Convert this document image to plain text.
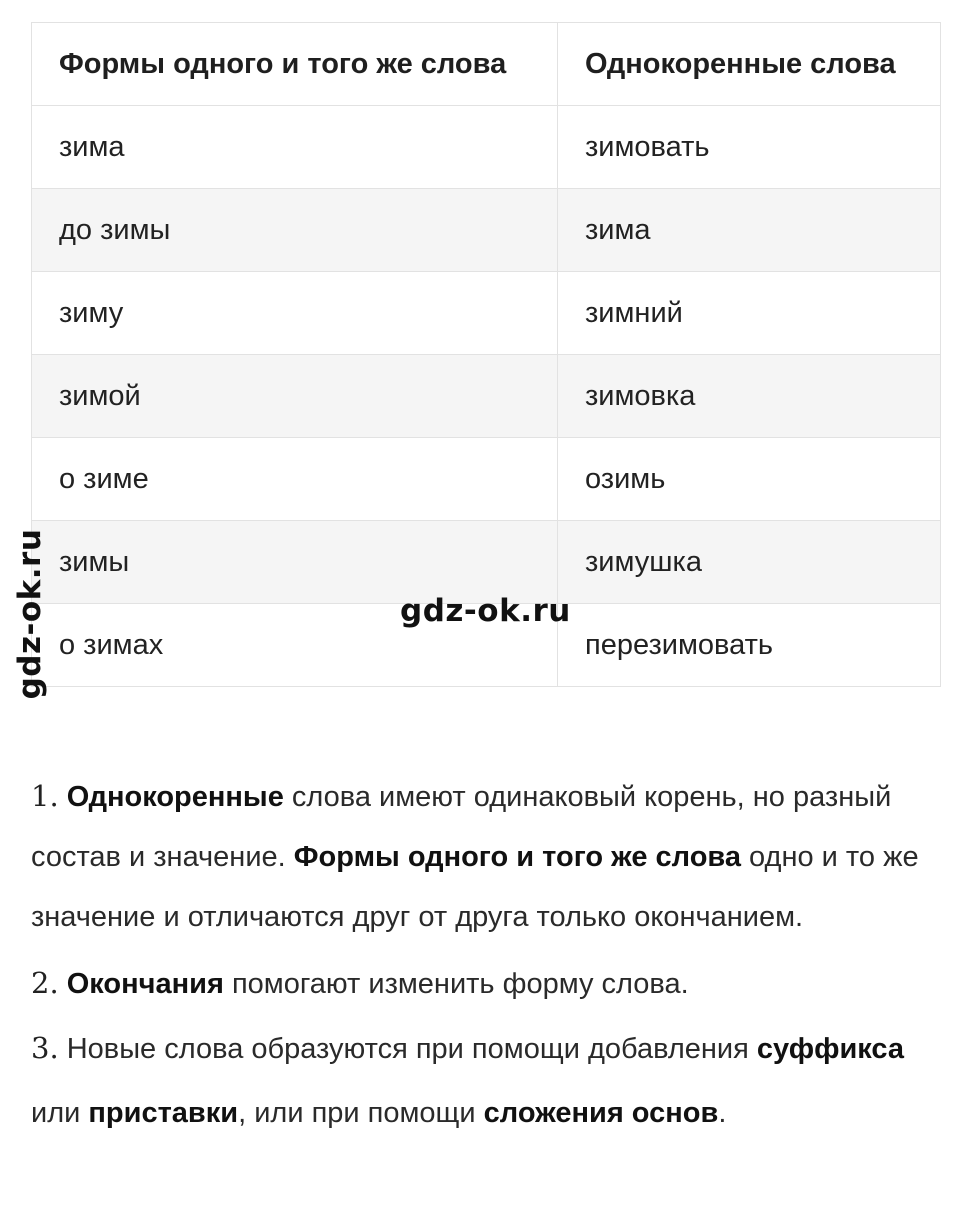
Формы одного и того же слова	Однокоренные слова
зима	зимовать
до зимы	зима
зиму	зимний
зимой	зимовка
о зиме	озимь
зимы	зимушка
о зимах	перезимовать
gdz-ok.ru
gdz-ok.ru

1. Однокоренные слова имеют одинаковый корень, но разный состав и значение. Формы одного и того же слова одно и то же значение и отличаются друг от друга только окончанием.

2. Окончания помогают изменить форму слова.

3. Новые слова образуются при помощи добавления суффикса или приставки, или при помощи сложения основ.
